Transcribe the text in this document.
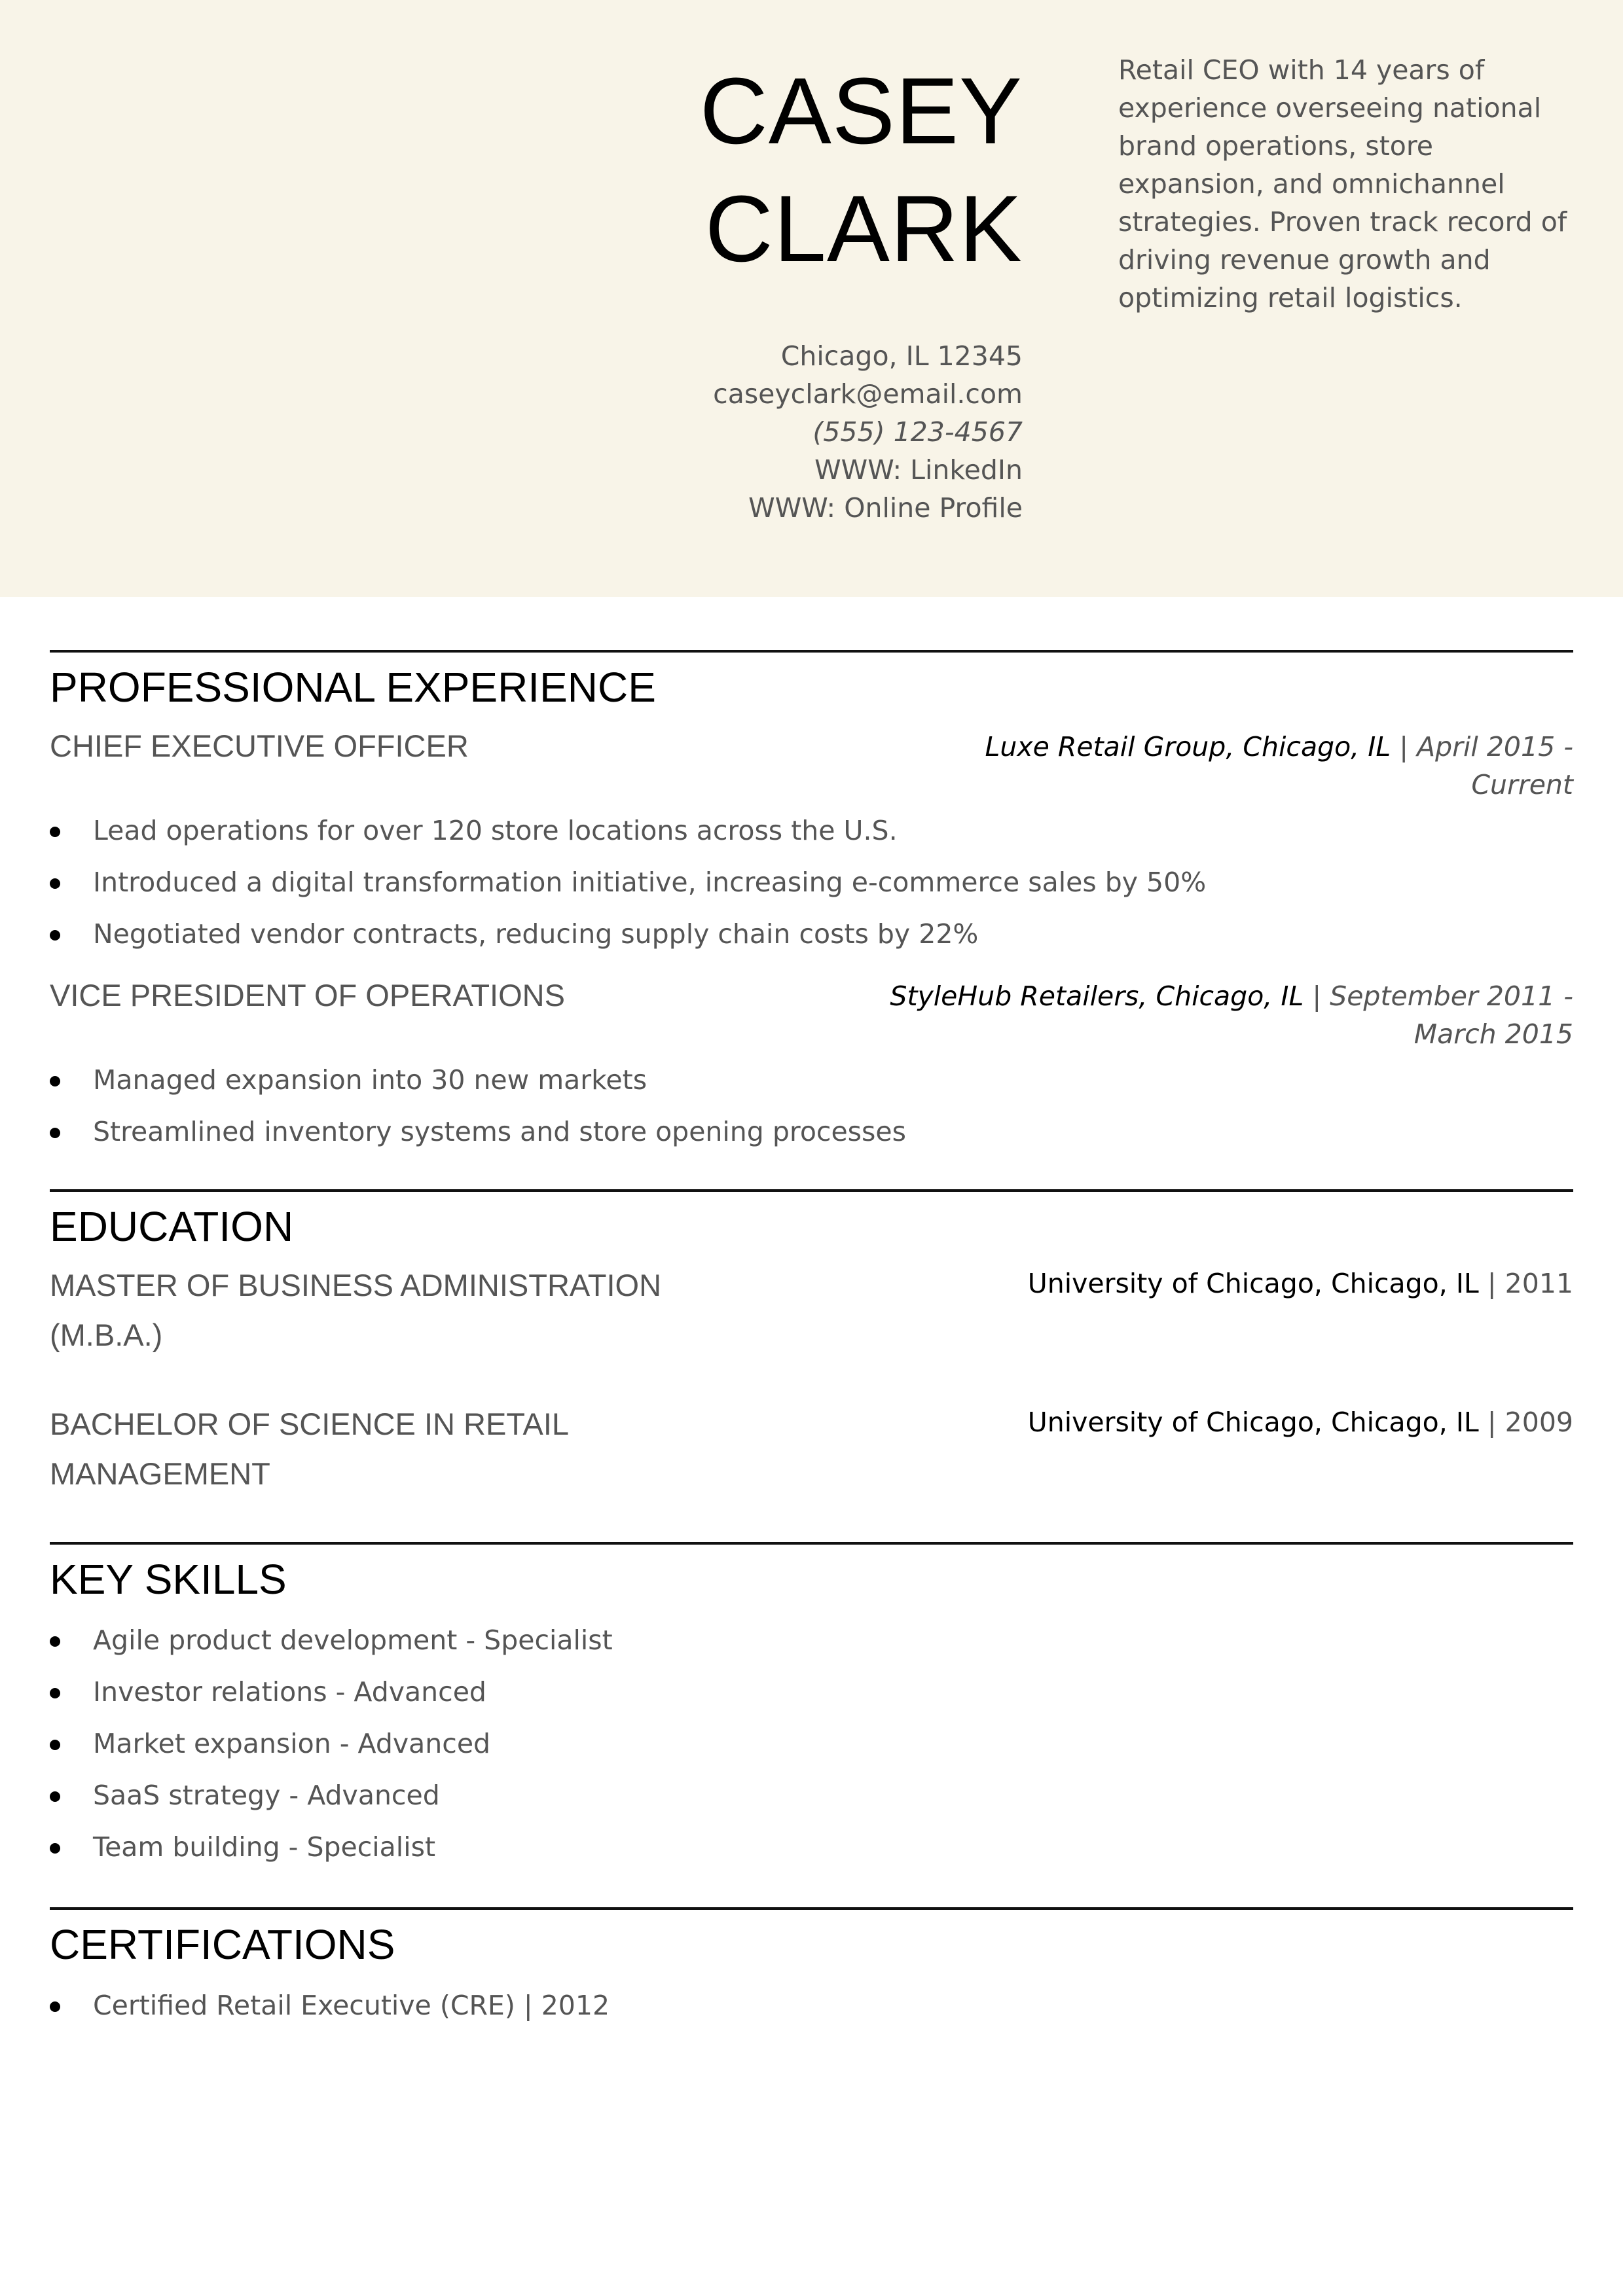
CASEY
CLARK
Chicago, IL 12345
caseyclark@email.com
(555) 123-4567
WWW: LinkedIn
WWW: Online Profile
Retail CEO with 14 years of experience overseeing national brand operations, store expansion, and omnichannel strategies. Proven track record of driving revenue growth and optimizing retail logistics.
PROFESSIONAL EXPERIENCE
CHIEF EXECUTIVE OFFICER	Luxe Retail Group, Chicago, IL | April 2015 -
Current
Lead operations for over 120 store locations across the U.S.
Introduced a digital transformation initiative, increasing e-commerce sales by 50%
Negotiated vendor contracts, reducing supply chain costs by 22%
VICE PRESIDENT OF OPERATIONS	StyleHub Retailers, Chicago, IL | September 2011 -
March 2015
Managed expansion into 30 new markets
Streamlined inventory systems and store opening processes
EDUCATION
MASTER OF BUSINESS ADMINISTRATION (M.B.A.)
University of Chicago, Chicago, IL | 2011
BACHELOR OF SCIENCE IN RETAIL MANAGEMENT
University of Chicago, Chicago, IL | 2009
KEY SKILLS
Agile product development - Specialist
Investor relations - Advanced
Market expansion - Advanced
SaaS strategy - Advanced
Team building - Specialist
CERTIFICATIONS
Certified Retail Executive (CRE) | 2012
